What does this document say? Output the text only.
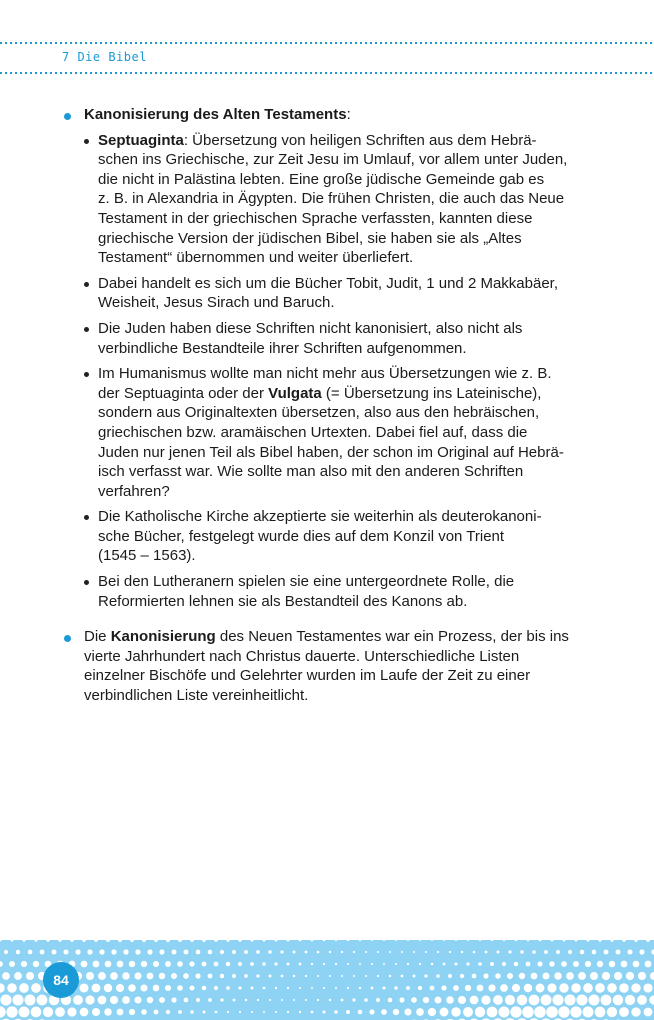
7 Die Bibel
Kanonisierung des Alten Testaments:
Septuaginta: Übersetzung von heiligen Schriften aus dem Hebrä-
schen ins Griechische, zur Zeit Jesu im Umlauf, vor allem unter Juden,
die nicht in Palästina lebten. Eine große jüdische Gemeinde gab es
z. B. in Alexandria in Ägypten. Die frühen Christen, die auch das Neue
Testament in der griechischen Sprache verfassten, kannten diese
griechische Version der jüdischen Bibel, sie haben sie als „Altes
Testament“ übernommen und weiter überliefert.
Dabei handelt es sich um die Bücher Tobit, Judit, 1 und 2 Makkabäer,
Weisheit, Jesus Sirach und Baruch.
Die Juden haben diese Schriften nicht kanonisiert, also nicht als
verbindliche Bestandteile ihrer Schriften aufgenommen.
Im Humanismus wollte man nicht mehr aus Übersetzungen wie z. B.
der Septuaginta oder der Vulgata (= Übersetzung ins Lateinische),
sondern aus Originaltexten übersetzen, also aus den hebräischen,
griechischen bzw. aramäischen Urtexten. Dabei fiel auf, dass die
Juden nur jenen Teil als Bibel haben, der schon im Original auf Hebrä-
isch verfasst war. Wie sollte man also mit den anderen Schriften
verfahren?
Die Katholische Kirche akzeptierte sie weiterhin als deuterokanoni-
sche Bücher, festgelegt wurde dies auf dem Konzil von Trient
(1545 – 1563).
Bei den Lutheranern spielen sie eine untergeordnete Rolle, die
Reformierten lehnen sie als Bestandteil des Kanons ab.
Die Kanonisierung des Neuen Testamentes war ein Prozess, der bis ins
vierte Jahrhundert nach Christus dauerte. Unterschiedliche Listen
einzelner Bischöfe und Gelehrter wurden im Laufe der Zeit zu einer
verbindlichen Liste vereinheitlicht.
84
